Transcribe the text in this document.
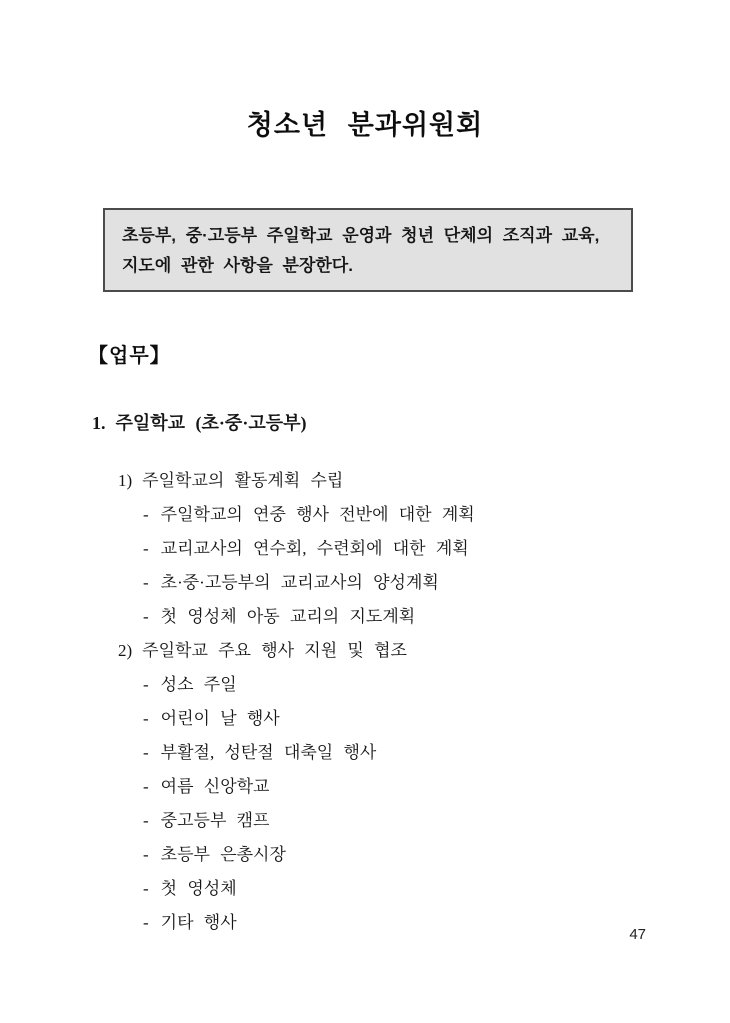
청소년 분과위원회
초등부, 중·고등부 주일학교 운영과 청년 단체의 조직과 교육, 지도에 관한 사항을 분장한다.
【업무】
1. 주일학교 (초·중·고등부)
1) 주일학교의 활동계획 수립
- 주일학교의 연중 행사 전반에 대한 계획
- 교리교사의 연수회, 수련회에 대한 계획
- 초·중·고등부의 교리교사의 양성계획
- 첫 영성체 아동 교리의 지도계획
2) 주일학교 주요 행사 지원 및 협조
- 성소 주일
- 어린이 날 행사
- 부활절, 성탄절 대축일 행사
- 여름 신앙학교
- 중고등부 캠프
- 초등부 은총시장
- 첫 영성체
- 기타 행사
47
